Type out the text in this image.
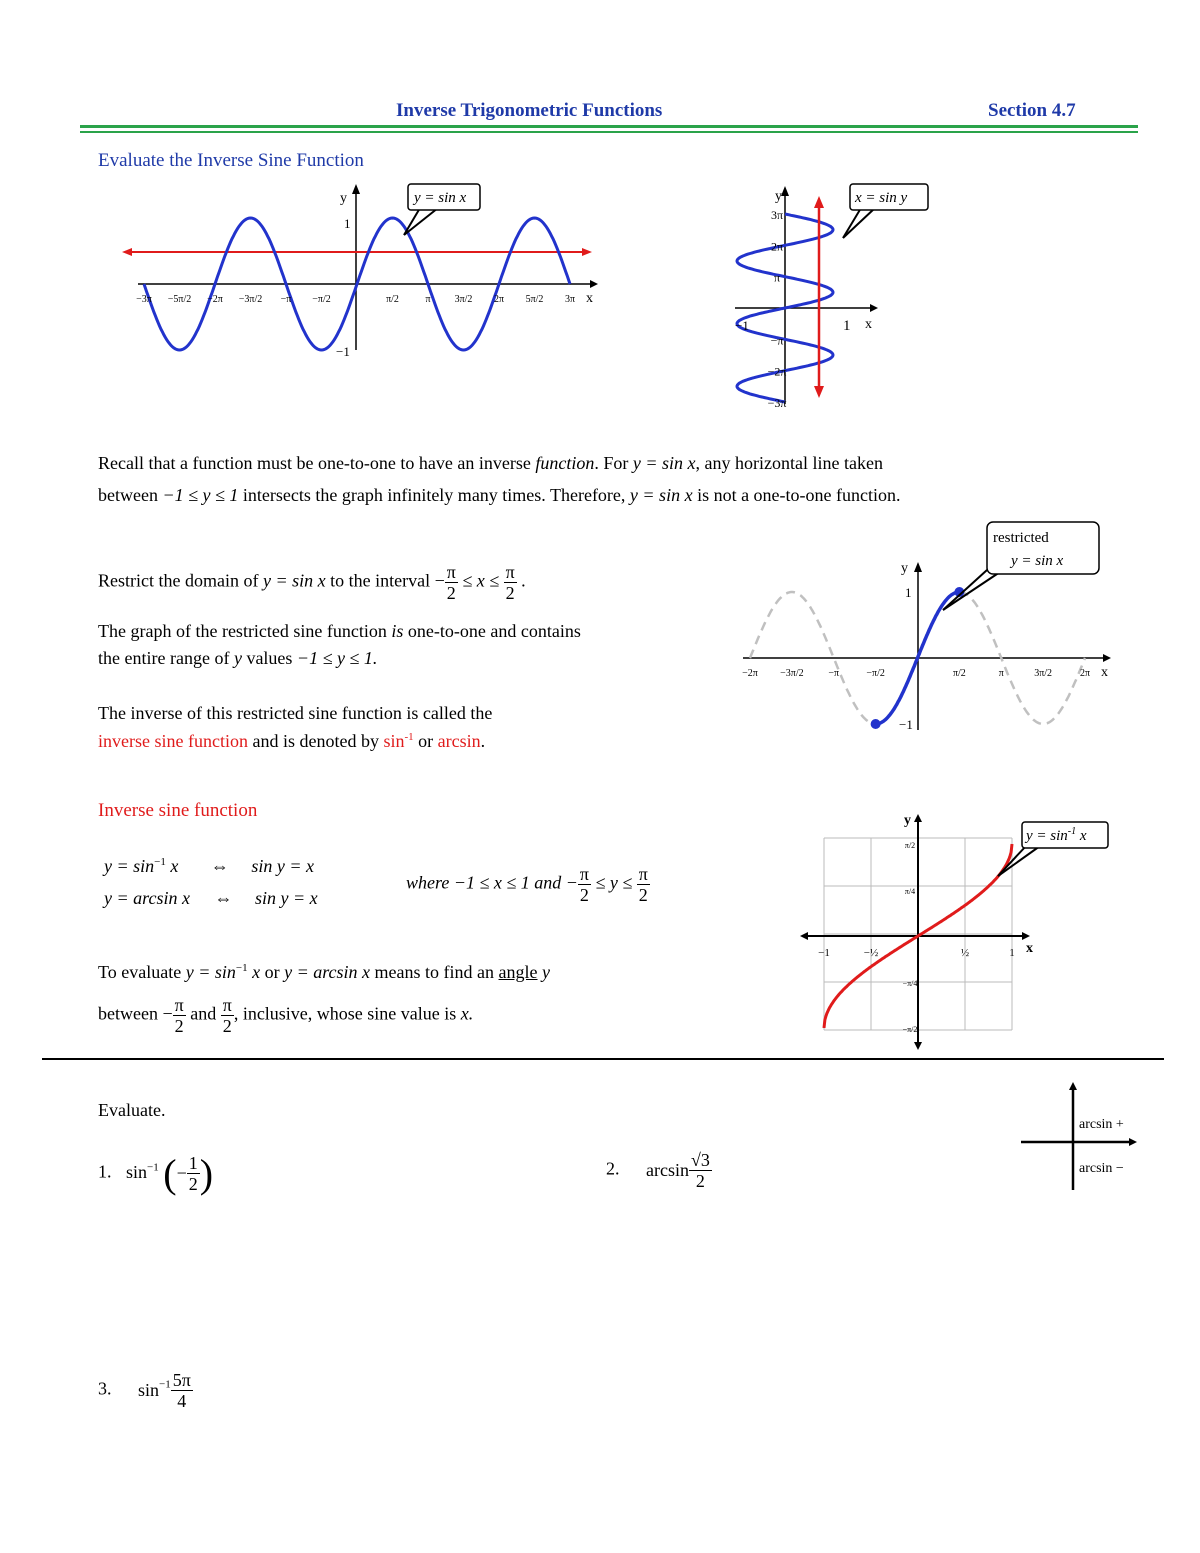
Inverse Trigonometric Functions	Section 4.7
Evaluate the Inverse Sine Function
−3π −5π/2 −2π −3π/2 −π −π/2	π/2	π 3π/2 2π 5π/2 3π
y
x
1
−1
y = sin x
3π
2π
π
−π
−2π
−3π
y
x
1
−1
x = sin y
Recall that a function must be one-to-one to have an inverse function. For y = sin x, any horizontal line taken
between −1 ≤ y ≤ 1 intersects the graph infinitely many times. Therefore, y = sin x is not a one-to-one function.
Restrict the domain of y = sin x to the interval − $\frac{\pi}{2} \le x \le \frac{\pi}{2}$ .
The graph of the restricted sine function is one-to-one and contains
the entire range of y values −1 ≤ y ≤ 1.
The inverse of this restricted sine function is called the
inverse sine function and is denoted by $\sin^{-1}$ or arcsin.
−2π −3π/2 −π	−π/2	π/2	π	3π/2	2π
y
x
1
−1
restricted
y = sin x
Inverse sine function
$y = \sin^{-1} x$ ⇔ sin y = x
y = arcsin x ⇔ sin y = x
where −1 ≤ x ≤ 1 and − $\frac{\pi}{2} \le y \le \frac{\pi}{2}$
To evaluate $y = \sin^{-1} x$ or y = arcsin x means to find an angle y
between − $\frac{\pi}{2}$ and $\frac{\pi}{2}$ , inclusive, whose sine value is x.
−1	−½	½	1
π/2
π/4
−π/4
−π/2
y
x
$y = \sin^{-1} x$
Evaluate.
1. $\sin^{-1}$ (− $\frac{1}{2}$ )	2. $\arcsin \frac{√3}{2}$
3. $\sin^{-1} \frac{5\pi}{4}$
arcsin +
arcsin −
